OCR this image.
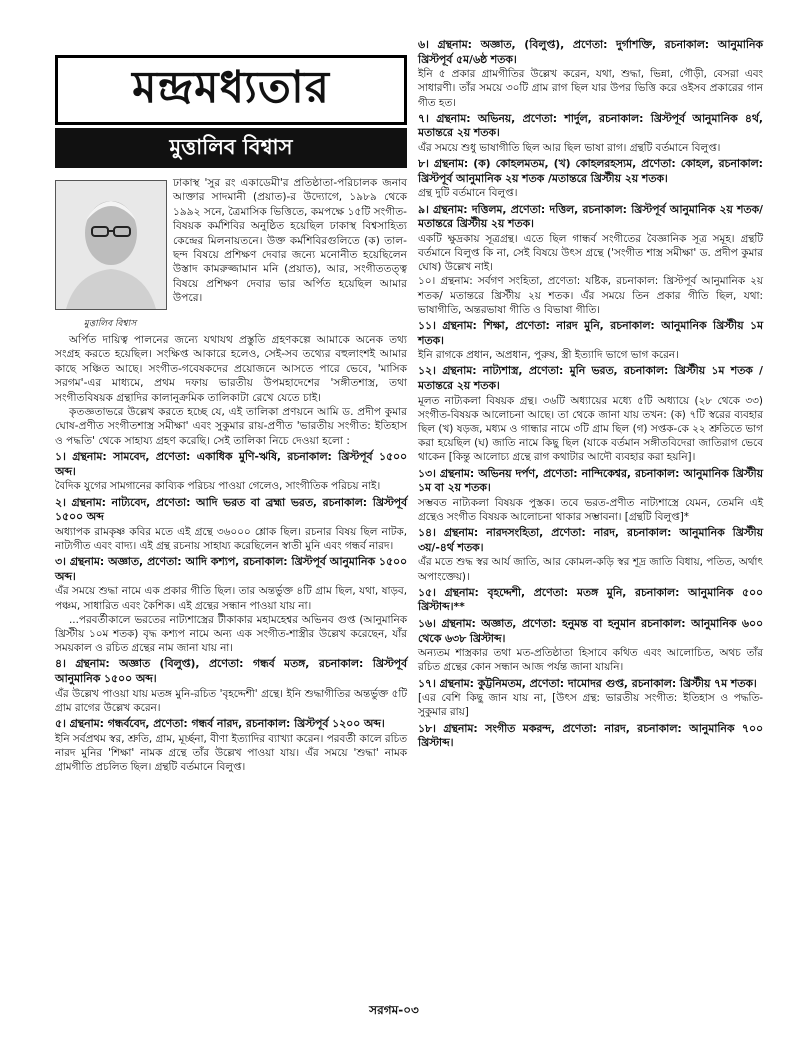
মন্দ্রমধ্যতার
মুত্তালিব বিশ্বাস
মুত্তালিব বিশ্বাস

ঢাকাস্থ 'সুর রং একাডেমী'র প্রতিষ্ঠাতা-পরিচালক জনাব আক্তার সাদমানী (প্রয়াত)-র উদ্যোগে, ১৯৮৯ থেকে ১৯৯২ সনে, ত্রৈমাসিক ভিত্তিতে, কমপক্ষে ১৫টি সংগীত-বিষয়ক কর্মশিবির অনুষ্ঠিত হয়েছিল ঢাকাস্থ বিশ্বসাহিত্য কেন্দ্রের মিলনায়তনে। উক্ত কর্মশিবিরগুলিতে (ক) তাল-ছন্দ বিষয়ে প্রশিক্ষণ দেবার জন্যে মনোনীত হয়েছিলেন উস্তাদ কামরুজ্জামান মনি (প্রয়াত), আর, সংগীততত্ত্ব বিষয়ে প্রশিক্ষণ দেবার ভার অর্পিত হয়েছিল আমার উপরে।

অর্পিত দায়িত্ব পালনের জন্যে যথাযথ প্রস্তুতি গ্রহণকল্পে আমাকে অনেক তথ্য সংগ্রহ করতে হয়েছিল। সংক্ষিপ্ত আকারে হলেও, সেই-সব তথ্যের বহুলাংশই আমার কাছে সঞ্চিত আছে। সংগীত-গবেষকদের প্রয়োজনে আসতে পারে ভেবে, 'মাসিক সরগম'-এর মাধ্যমে, প্রথম দফায় ভারতীয় উপমহাদেশের 'সঙ্গীতশাস্ত্র, তথা সংগীতবিষয়ক গ্রন্থাদির কালানুক্রমিক তালিকাটা রেখে যেতে চাই।

কৃতজ্ঞতাভরে উল্লেখ করতে হচ্ছে যে, এই তালিকা প্রণয়নে আমি ড. প্রদীপ কুমার ঘোষ-প্রণীত সংগীতশাস্ত্র সমীক্ষা' এবং সুকুমার রায়-প্রণীত 'ভারতীয় সংগীত: ইতিহাস ও পদ্ধতি' থেকে সাহায্য গ্রহণ করেছি। সেই তালিকা নিচে দেওয়া হলো :

১। গ্রন্থনাম: সামবেদ, প্রণেতা: একাধিক মুণি-ঋষি, রচনাকাল: খ্রিস্টপূর্ব ১৫০০ অব্দ।

বৈদিক যুগের সামগানের কাব্যিক পরিচয় পাওয়া গেলেও, সাংগীতিক পরিচয় নাই।

২। গ্রন্থনাম: নাট্যবেদ, প্রণেতা: আদি ভরত বা ব্রহ্মা ভরত, রচনাকাল: খ্রিস্টপূর্ব ১৫০০ অব্দ

অধ্যাপক রামকৃষ্ণ কবির মতে এই গ্রন্থে ৩৬০০০ শ্লোক ছিল। রচনার বিষয় ছিল নাটক, নাট্যগীত এবং বাদ্য। এই গ্রন্থ রচনায় সাহায্য করেছিলেন স্বাতী মুনি এবং গন্ধর্ব নারদ।

৩। গ্রন্থনাম: অজ্ঞাত, প্রণেতা: আদি কশ্যপ, রচনাকাল: খ্রিস্টপূর্ব আনুমানিক ১৫০০ অব্দ।

এঁর সময়ে শুদ্ধা নামে এক প্রকার গীতি ছিল। তার অন্তর্ভুক্ত ৪টি গ্রাম ছিল, যথা, ষাড়ব, পঞ্চম, সাধারিত এবং কৈশিক। এই গ্রন্থের সন্ধান পাওয়া যায় না।

...পরবর্তীকালে ভরতের নাট্যশাস্ত্রের টীকাকার মহামহেশ্বর অভিনব গুপ্ত (আনুমানিক খ্রিস্টীয় ১০ম শতক) বৃদ্ধ কশ্যপ নামে অন্য এক সংগীত-শাস্ত্রীর উল্লেখ করেছেন, যাঁর সময়কাল ও রচিত গ্রন্থের নাম জানা যায় না।

৪। গ্রন্থনাম: অজ্ঞাত (বিলুপ্ত), প্রণেতা: গন্ধর্ব মতঙ্গ, রচনাকাল: খ্রিস্টপূর্ব আনুমানিক ১৫০০ অব্দ।

এঁর উল্লেখ পাওয়া যায় মতঙ্গ মুনি-রচিত 'বৃহদ্দেশী' গ্রন্থে। ইনি শুদ্ধাগীতির অন্তর্ভুক্ত ৫টি গ্রাম রাগের উল্লেখ করেন।

৫। গ্রন্থনাম: গন্ধর্ববেদ, প্রণেতা: গন্ধর্ব নারদ, রচনাকাল: খ্রিস্টপূর্ব ১২০০ অব্দ।

ইনি সর্বপ্রথম স্বর, শ্রুতি, গ্রাম, মূর্চ্ছনা, বীণা ইত্যাদির ব্যাখ্যা করেন। পরবর্তী কালে রচিত নারদ মুনির 'শিক্ষা' নামক গ্রন্থে তাঁর উল্লেখ পাওয়া যায়। এঁর সময়ে 'শুদ্ধা' নামক গ্রামগীতি প্রচলিত ছিল। গ্রন্থটি বর্তমানে বিলুপ্ত।

৬। গ্রন্থনাম: অজ্ঞাত, (বিলুপ্ত), প্রণেতা: দুর্গাশক্তি, রচনাকাল: আনুমানিক খ্রিস্টপূর্ব ৫ম/৬ষ্ঠ শতক।

ইনি ৫ প্রকার গ্রামগীতির উল্লেখ করেন, যথা, শুদ্ধা, ভিন্না, গৌড়ী, বেসরা এবং সাধারণী। তাঁর সময়ে ৩০টি গ্রাম রাগ ছিল যার উপর ভিত্তি করে ওইসব প্রকারের গান গীত হত।

৭। গ্রন্থনাম: অভিনয়, প্রণেতা: শার্দুল, রচনাকাল: খ্রিস্টপূর্ব আনুমানিক ৪র্থ, মতান্তরে ২য় শতক।

এঁর সময়ে শুধু ভাষাগীতি ছিল আর ছিল ভাষা রাগ। গ্রন্থটি বর্তমানে বিলুপ্ত।

৮। গ্রন্থনাম: (ক) কোহলমতম, (খ) কোহলরহস্যম, প্রণেতা: কোহল, রচনাকাল: খ্রিস্টপূর্ব আনুমানিক ২য় শতক /মতান্তরে খ্রিস্টীয় ২য় শতক।

গ্রন্থ দুটি বর্তমানে বিলুপ্ত।

৯। গ্রন্থনাম: দত্তিলম, প্রণেতা: দত্তিল, রচনাকাল: খ্রিস্টপূর্ব আনুমানিক ২য় শতক/ মতান্তরে খ্রিস্টীয় ২য় শতক।

একটি ক্ষুদ্রকায় সূত্রগ্রন্থ। এতে ছিল গান্ধর্ব সংগীতের বৈজ্ঞানিক সূত্র সমূহ। গ্রন্থটি বর্তমানে বিলুপ্ত কি না, সেই বিষয়ে উৎস গ্রন্থে ('সংগীত শাস্ত্র সমীক্ষা' ড. প্রদীপ কুমার ঘোষ) উল্লেখ নাই।

১০। গ্রন্থনাম: সর্বগণ সংহিতা, প্রণেতা: যষ্টিক, রচনাকাল: খ্রিস্টপূর্ব আনুমানিক ২য় শতক/ মতান্তরে খ্রিস্টীয় ২য় শতক। এঁর সময়ে তিন প্রকার গীতি ছিল, যথা: ভাষাগীতি, অন্তরভাষা গীতি ও বিভাষা গীতি।

১১। গ্রন্থনাম: শিক্ষা, প্রণেতা: নারদ মুনি, রচনাকাল: আনুমানিক খ্রিস্টীয় ১ম শতক।

ইনি রাগকে প্রধান, অপ্রধান, পুরুষ, স্ত্রী ইত্যাদি ভাগে ভাগ করেন।

১২। গ্রন্থনাম: নাট্যশাস্ত্র, প্রণেতা: মুনি ভরত, রচনাকাল: খ্রিস্টীয় ১ম শতক / মতান্তরে ২য় শতক।

মূলত নাট্যকলা বিষয়ক গ্রন্থ। ৩৬টি অধ্যায়ের মধ্যে ৫টি অধ্যায়ে (২৮ থেকে ৩৩) সংগীত-বিষয়ক আলোচনা আছে। তা থেকে জানা যায় তখন: (ক) ৭টি স্বরের ব্যবহার ছিল (খ) ষড়জ, মধ্যম ও গান্ধার নামে ৩টি গ্রাম ছিল (গ) সপ্তক-কে ২২ শ্রুতিতে ভাগ করা হয়েছিল (ঘ) জাতি নামে কিছু ছিল (যাকে বর্তমান সঙ্গীতবিদেরা জাতিরাগ ভেবে থাকেন [কিন্তু আলোচ্য গ্রন্থে রাগ কথাটার আদৌ ব্যবহার করা হয়নি]।

১৩। গ্রন্থনাম: অভিনয় দর্পণ, প্রণেতা: নান্দিকেশ্বর, রচনাকাল: আনুমানিক খ্রিস্টীয় ১ম বা ২য় শতক।

সম্ভবত নাট্যকলা বিষয়ক পুস্তক। তবে ভরত-প্রণীত নাট্যশাস্ত্রে যেমন, তেমনি এই গ্রন্থেও সংগীত বিষয়ক আলোচনা থাকার সম্ভাবনা। [গ্রন্থটি বিলুপ্ত]*

১৪। গ্রন্থনাম: নারদসংহিতা, প্রণেতা: নারদ, রচনাকাল: আনুমানিক খ্রিস্টীয় ৩য়/-৪র্থ শতক।

এঁর মতে শুদ্ধ স্বর আর্য জাতি, আর কোমল-কড়ি স্বর শূদ্র জাতি বিধায়, পতিত, অর্থাৎ অপাংক্তেয়)।

১৫। গ্রন্থনাম: বৃহদ্দেশী, প্রণেতা: মতঙ্গ মুনি, রচনাকাল: আনুমানিক ৫০০ খ্রিস্টাব্দ।**

১৬। গ্রন্থনাম: অজ্ঞাত, প্রণেতা: হনুমন্ত বা হনুমান রচনাকাল: আনুমানিক ৬০০ থেকে ৬৩৮ খ্রিস্টাব্দ।

অন্যতম শাস্ত্রকার তথা মত-প্রতিষ্ঠাতা হিসাবে কথিত এবং আলোচিত, অথচ তাঁর রচিত গ্রন্থের কোন সন্ধান আজ পর্যন্ত জানা যায়নি।

১৭। গ্রন্থনাম: কুট্টনিমতম, প্রণেতা: দামোদর গুপ্ত, রচনাকাল: খ্রিস্টীয় ৭ম শতক।

[এর বেশি কিছু জান যায় না, [উৎস গ্রন্থ: ভারতীয় সংগীত: ইতিহাস ও পদ্ধতি- সুকুমার রায়]

১৮। গ্রন্থনাম: সংগীত মকরন্দ, প্রণেতা: নারদ, রচনাকাল: আনুমানিক ৭০০ খ্রিস্টাব্দ।

সরগম-০৩
